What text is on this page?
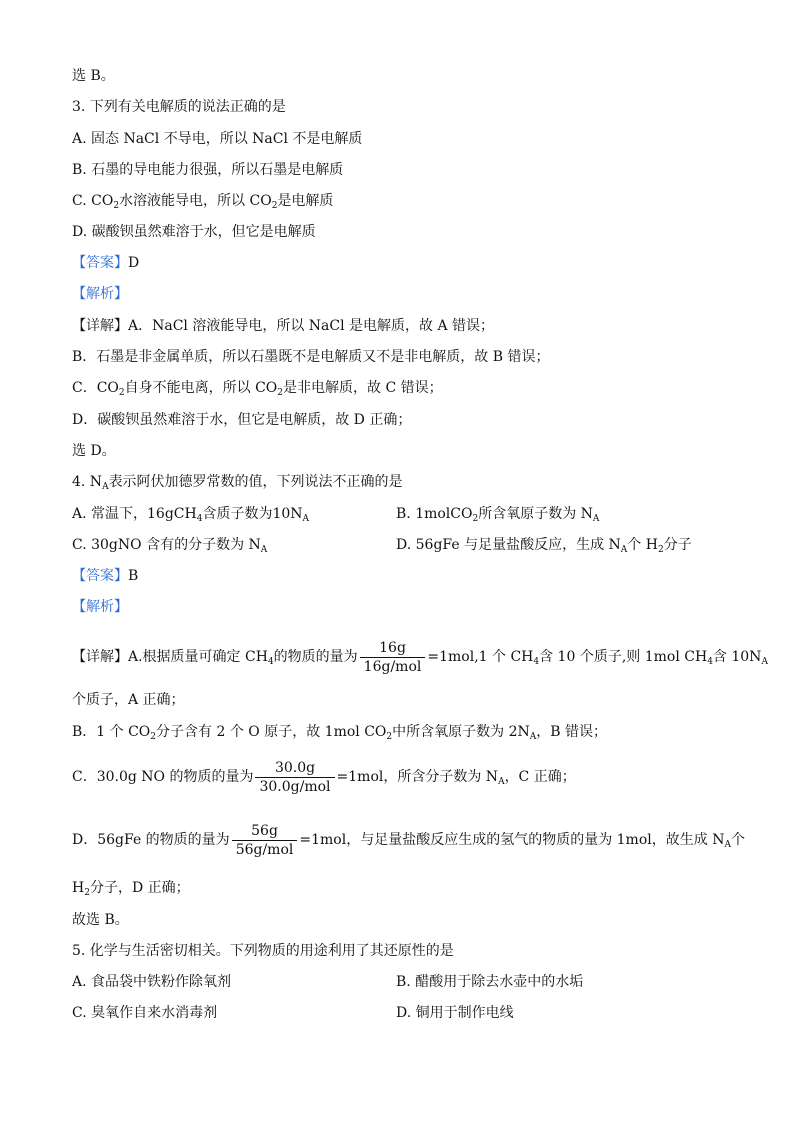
选 B。
3. 下列有关电解质的说法正确的是
A. 固态 NaCl 不导电，所以 NaCl 不是电解质
B. 石墨的导电能力很强，所以石墨是电解质
C. $CO_2$水溶液能导电，所以 $CO_2$是电解质
D. 碳酸钡虽然难溶于水，但它是电解质
【答案】D
【解析】
【详解】A．NaCl 溶液能导电，所以 NaCl 是电解质，故 A 错误；
B．石墨是非金属单质，所以石墨既不是电解质又不是非电解质，故 B 错误；
C．$CO_2$自身不能电离，所以 $CO_2$是非电解质，故 C 错误；
D．碳酸钡虽然难溶于水，但它是电解质，故 D 正确；
选 D。
4. $N_A$表示阿伏加德罗常数的值，下列说法不正确的是
A. 常温下，16gCH$_4$含质子数为$10N_A$	B. 1molCO$_2$所含氧原子数为 $N_A$
C. 30gNO 含有的分子数为 $N_A$	D. 56gFe 与足量盐酸反应，生成 $N_A$个 $H_2$分子
【答案】B
【解析】
【详解】A.根据质量可确定 $CH_4$的物质的量为 $\frac{16g}{\text{16g/mol}} =1mol,1$ 个 $CH_4$含 10 个质子,则 1mol $CH_4$含 $10N_A$
个质子，A 正确；
B．1 个 $CO_2$分子含有 2 个 O 原子，故 1mol $CO_2$中所含氧原子数为 $2N_A$，B 错误；
C．30.0g NO 的物质的量为 $\frac{30.0g}{\text{30.0g/mol}} =1mol$，所含分子数为 $N_A$，C 正确；
D．56gFe 的物质的量为 $\frac{56g}{\text{56g/mol}} =1mol$，与足量盐酸反应生成的氢气的物质的量为 1mol，故生成 $N_A$个
$H_2$分子，D 正确；
故选 B。
5. 化学与生活密切相关。下列物质的用途利用了其还原性的是
A. 食品袋中铁粉作除氧剂	B. 醋酸用于除去水壶中的水垢
C. 臭氧作自来水消毒剂	D. 铜用于制作电线
